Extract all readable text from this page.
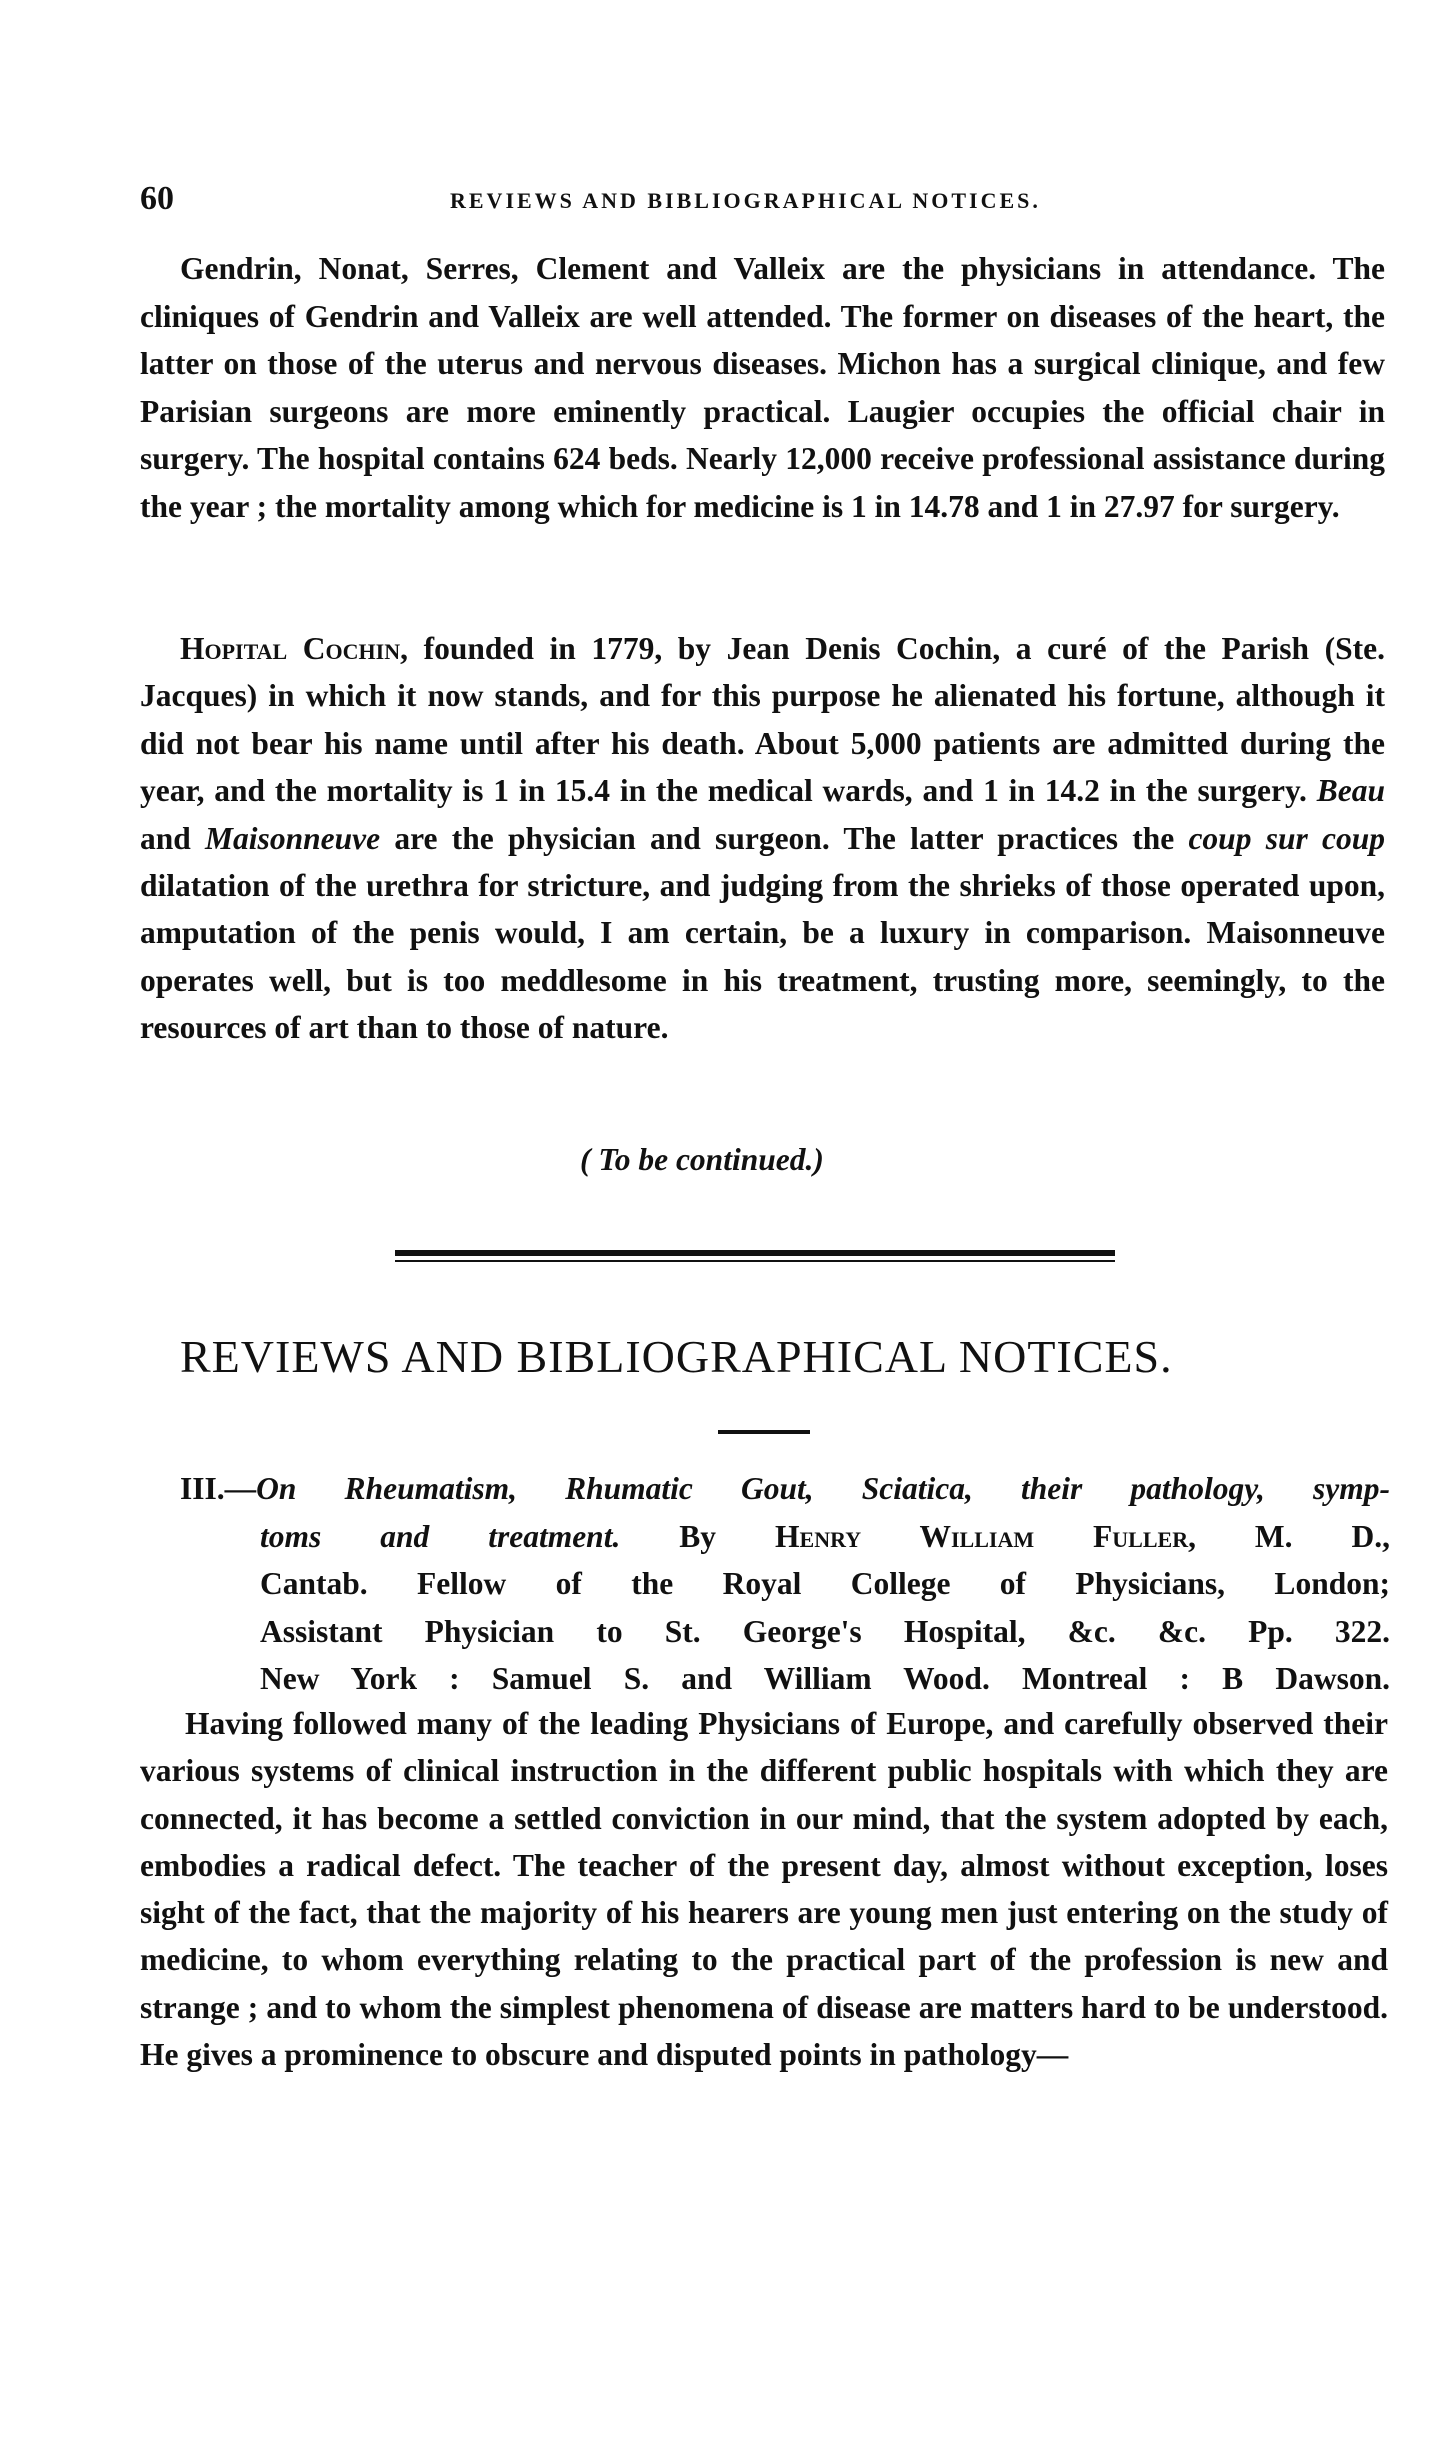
60	REVIEWS AND BIBLIOGRAPHICAL NOTICES.

Gendrin, Nonat, Serres, Clement and Valleix are the physicians in attendance. The cliniques of Gendrin and Valleix are well attended. The former on diseases of the heart, the latter on those of the uterus and nervous diseases. Michon has a surgical clinique, and few Parisian surgeons are more eminently practical. Laugier occupies the official chair in surgery. The hospital contains 624 beds. Nearly 12,000 receive professional assistance during the year ; the mortality among which for medicine is 1 in 14.78 and 1 in 27.97 for surgery.

Hopital Cochin, founded in 1779, by Jean Denis Cochin, a curé of the Parish (Ste. Jacques) in which it now stands, and for this purpose he alienated his fortune, although it did not bear his name until after his death. About 5,000 patients are admitted during the year, and the mortality is 1 in 15.4 in the medical wards, and 1 in 14.2 in the surgery. Beau and Maisonneuve are the physician and surgeon. The latter practices the coup sur coup dilatation of the urethra for stricture, and judging from the shrieks of those operated upon, amputation of the penis would, I am certain, be a luxury in comparison. Maisonneuve operates well, but is too meddlesome in his treatment, trusting more, seemingly, to the resources of art than to those of nature.

( To be continued.)
REVIEWS AND BIBLIOGRAPHICAL NOTICES.
III.—On Rheumatism, Rhumatic Gout, Sciatica, their pathology, symp-
toms and treatment. By Henry William Fuller, M. D.,
Cantab. Fellow of the Royal College of Physicians, London;
Assistant Physician to St. George's Hospital, &c. &c. Pp. 322.
New York : Samuel S. and William Wood. Montreal : B Dawson.

Having followed many of the leading Physicians of Europe, and carefully observed their various systems of clinical instruction in the different public hospitals with which they are connected, it has become a settled conviction in our mind, that the system adopted by each, embodies a radical defect. The teacher of the present day, almost without exception, loses sight of the fact, that the majority of his hearers are young men just entering on the study of medicine, to whom everything relating to the practical part of the profession is new and strange ; and to whom the simplest phenomena of disease are matters hard to be understood. He gives a prominence to obscure and disputed points in pathology—
